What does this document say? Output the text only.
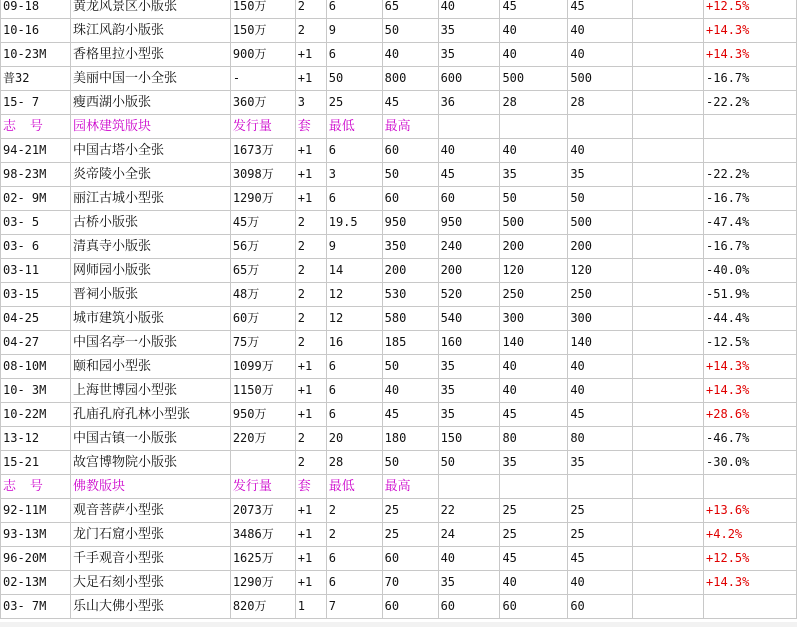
09-18	黄龙风景区小版张	150万	2	6	65	40	45	45		+12.5%
10-16	珠江风韵小版张	150万	2	9	50	35	40	40		+14.3%
10-23M	香格里拉小型张	900万	+1	6	40	35	40	40		+14.3%
普32	美丽中国一小全张	-	+1	50	800	600	500	500		-16.7%
15- 7	瘦西湖小版张	360万	3	25	45	36	28	28		-22.2%
志 号	园林建筑版块	发行量	套	最低	最高					
94-21M	中国古塔小全张	1673万	+1	6	60	40	40	40		
98-23M	炎帝陵小全张	3098万	+1	3	50	45	35	35		-22.2%
02- 9M	丽江古城小型张	1290万	+1	6	60	60	50	50		-16.7%
03- 5	古桥小版张	45万	2	19.5	950	950	500	500		-47.4%
03- 6	清真寺小版张	56万	2	9	350	240	200	200		-16.7%
03-11	网师园小版张	65万	2	14	200	200	120	120		-40.0%
03-15	晋祠小版张	48万	2	12	530	520	250	250		-51.9%
04-25	城市建筑小版张	60万	2	12	580	540	300	300		-44.4%
04-27	中国名亭一小版张	75万	2	16	185	160	140	140		-12.5%
08-10M	颐和园小型张	1099万	+1	6	50	35	40	40		+14.3%
10- 3M	上海世博园小型张	1150万	+1	6	40	35	40	40		+14.3%
10-22M	孔庙孔府孔林小型张	950万	+1	6	45	35	45	45		+28.6%
13-12	中国古镇一小版张	220万	2	20	180	150	80	80		-46.7%
15-21	故宫博物院小版张		2	28	50	50	35	35		-30.0%
志 号	佛教版块	发行量	套	最低	最高					
92-11M	观音菩萨小型张	2073万	+1	2	25	22	25	25		+13.6%
93-13M	龙门石窟小型张	3486万	+1	2	25	24	25	25		+4.2%
96-20M	千手观音小型张	1625万	+1	6	60	40	45	45		+12.5%
02-13M	大足石刻小型张	1290万	+1	6	70	35	40	40		+14.3%
03- 7M	乐山大佛小型张	820万	1	7	60	60	60	60		
